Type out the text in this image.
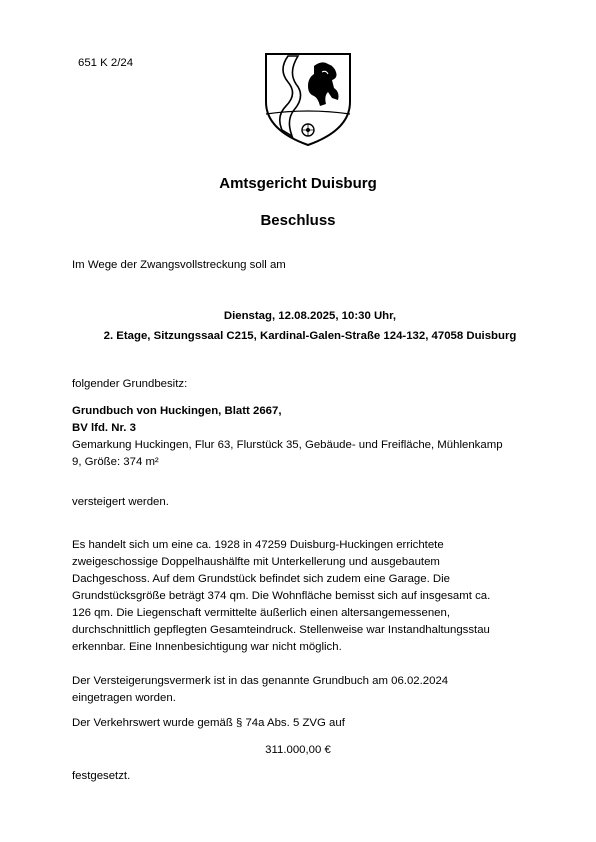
651 K 2/24
Amtsgericht Duisburg
Beschluss
Im Wege der Zwangsvollstreckung soll am
Dienstag, 12.08.2025, 10:30 Uhr,
2. Etage, Sitzungssaal C215, Kardinal-Galen-Straße 124-132, 47058 Duisburg
folgender Grundbesitz:
Grundbuch von Huckingen, Blatt 2667,
BV lfd. Nr. 3
Gemarkung Huckingen, Flur 63, Flurstück 35, Gebäude- und Freifläche, Mühlenkamp
9, Größe: 374 m²
versteigert werden.
Es handelt sich um eine ca. 1928 in 47259 Duisburg-Huckingen errichtete
zweigeschossige Doppelhaushälfte mit Unterkellerung und ausgebautem
Dachgeschoss. Auf dem Grundstück befindet sich zudem eine Garage. Die
Grundstücksgröße beträgt 374 qm. Die Wohnfläche bemisst sich auf insgesamt ca.
126 qm. Die Liegenschaft vermittelte äußerlich einen altersangemessenen,
durchschnittlich gepflegten Gesamteindruck. Stellenweise war Instandhaltungsstau
erkennbar. Eine Innenbesichtigung war nicht möglich.
Der Versteigerungsvermerk ist in das genannte Grundbuch am 06.02.2024
eingetragen worden.
Der Verkehrswert wurde gemäß § 74a Abs. 5 ZVG auf
311.000,00 €
festgesetzt.
